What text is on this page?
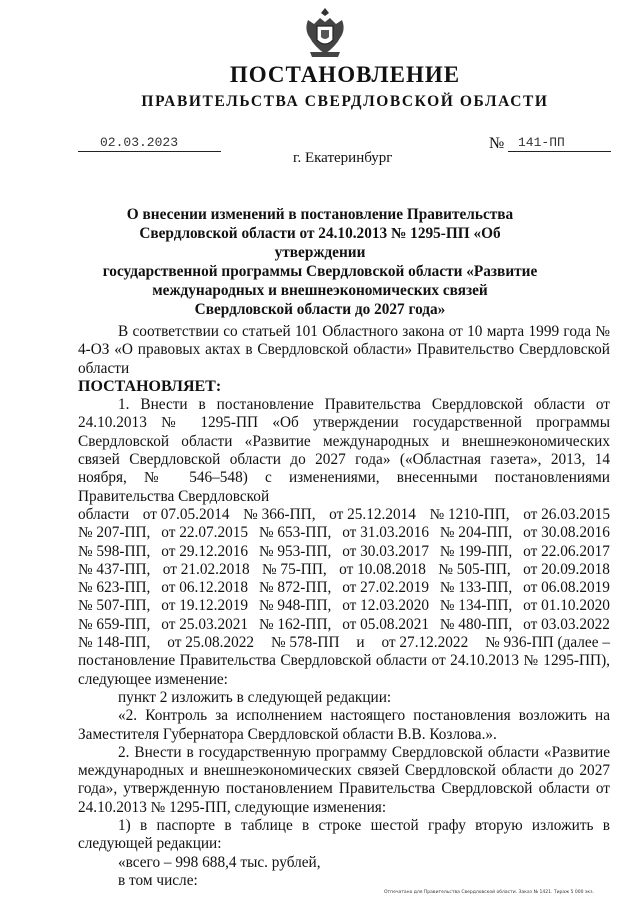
ПОСТАНОВЛЕНИЕ
ПРАВИТЕЛЬСТВА СВЕРДЛОВСКОЙ ОБЛАСТИ
02.03.2023	№ 141-ПП
г. Екатеринбург
О внесении изменений в постановление Правительства
Свердловской области от 24.10.2013 № 1295-ПП «Об утверждении
государственной программы Свердловской области «Развитие
международных и внешнеэкономических связей
Свердловской области до 2027 года»

В соответствии со статьей 101 Областного закона от 10 марта 1999 года № 4-ОЗ «О правовых актах в Свердловской области» Правительство Свердловской области

ПОСТАНОВЛЯЕТ:

1. Внести в постановление Правительства Свердловской области от 24.10.2013 № 1295-ПП «Об утверждении государственной программы Свердловской области «Развитие международных и внешнеэкономических связей Свердловской области до 2027 года» («Областная газета», 2013, 14 ноября, № 546–548) с изменениями, внесенными постановлениями Правительства Свердловской

области от 07.05.2014 № 366-ПП, от 25.12.2014 № 1210-ПП, от 26.03.2015
№ 207-ПП, от 22.07.2015 № 653-ПП, от 31.03.2016 № 204-ПП, от 30.08.2016
№ 598-ПП, от 29.12.2016 № 953-ПП, от 30.03.2017 № 199-ПП, от 22.06.2017
№ 437-ПП, от 21.02.2018 № 75-ПП, от 10.08.2018 № 505-ПП, от 20.09.2018
№ 623-ПП, от 06.12.2018 № 872-ПП, от 27.02.2019 № 133-ПП, от 06.08.2019
№ 507-ПП, от 19.12.2019 № 948-ПП, от 12.03.2020 № 134-ПП, от 01.10.2020
№ 659-ПП, от 25.03.2021 № 162-ПП, от 05.08.2021 № 480-ПП, от 03.03.2022
№ 148-ПП, от 25.08.2022 № 578-ПП и от 27.12.2022 № 936-ПП (далее –

постановление Правительства Свердловской области от 24.10.2013 № 1295-ПП), следующее изменение:

пункт 2 изложить в следующей редакции:

«2. Контроль за исполнением настоящего постановления возложить на Заместителя Губернатора Свердловской области В.В. Козлова.».

2. Внести в государственную программу Свердловской области «Развитие международных и внешнеэкономических связей Свердловской области до 2027 года», утвержденную постановлением Правительства Свердловской области от 24.10.2013 № 1295-ПП, следующие изменения:

1) в паспорте в таблице в строке шестой графу вторую изложить в следующей редакции:

«всего – 998 688,4 тыс. рублей,

в том числе:

Отпечатано для Правительства Свердловской области. Заказ № 1421. Тираж 5 000 экз.
